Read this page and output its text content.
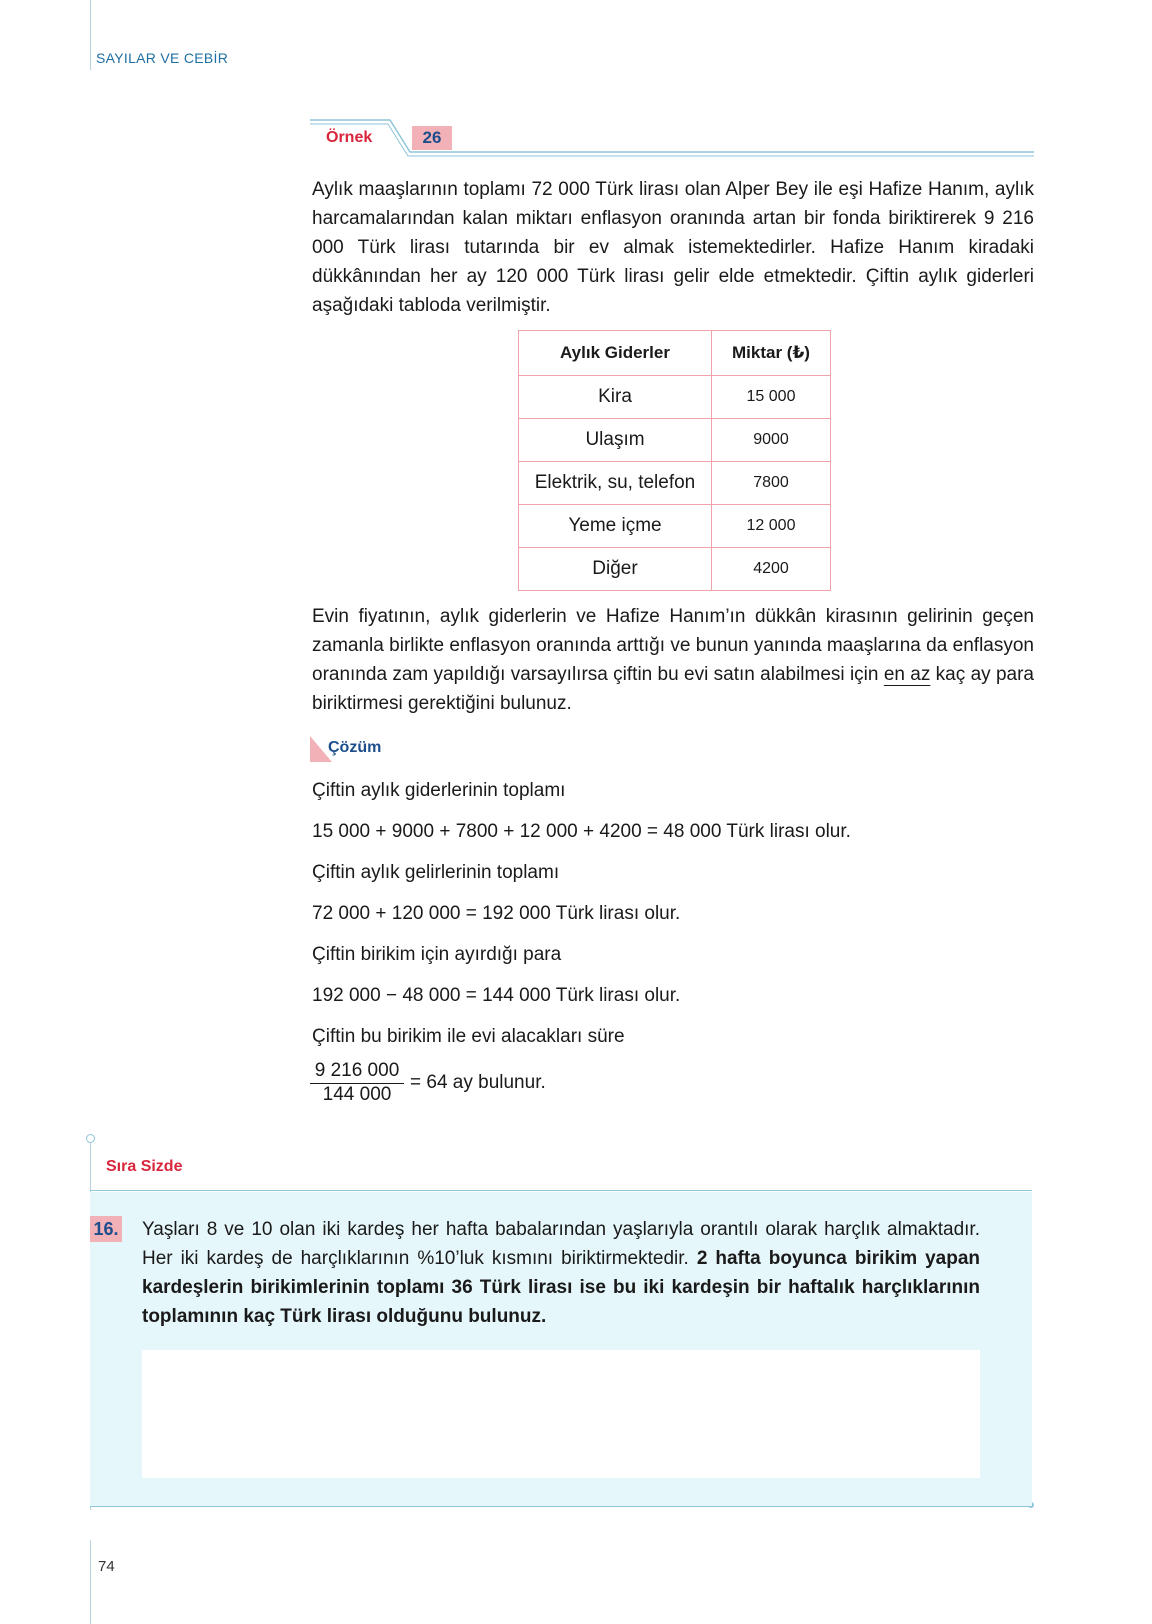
SAYILAR VE CEBİR
Örnek	26

Aylık maaşlarının toplamı 72 000 Türk lirası olan Alper Bey ile eşi Hafize Hanım, aylık harcamalarından kalan miktarı enflasyon oranında artan bir fonda biriktirerek 9 216 000 Türk lirası tutarında bir ev almak istemektedirler. Hafize Hanım kiradaki dükkânından her ay 120 000 Türk lirası gelir elde etmektedir. Çiftin aylık giderleri aşağıdaki tabloda verilmiştir.

Aylık Giderler	Miktar (₺)
Kira	15 000
Ulaşım	9000
Elektrik, su, telefon	7800
Yeme içme	12 000
Diğer	4200

Evin fiyatının, aylık giderlerin ve Hafize Hanım’ın dükkân kirasının gelirinin geçen zamanla birlikte enflasyon oranında arttığı ve bunun yanında maaşlarına da enflasyon oranında zam yapıldığı varsayılırsa çiftin bu evi satın alabilmesi için en az kaç ay para biriktirmesi gerektiğini bulunuz.

Çözüm
Çiftin aylık giderlerinin toplamı
15 000 + 9000 + 7800 + 12 000 + 4200 = 48 000 Türk lirası olur.
Çiftin aylık gelirlerinin toplamı
72 000 + 120 000 = 192 000 Türk lirası olur.
Çiftin birikim için ayırdığı para
192 000 − 48 000 = 144 000 Türk lirası olur.
Çiftin bu birikim ile evi alacakları süre
$\frac{9 216 000}{144 000} = 64$ ay bulunur.
Sıra Sizde
16. Yaşları 8 ve 10 olan iki kardeş her hafta babalarından yaşlarıyla orantılı olarak harçlık almaktadır. Her iki kardeş de harçlıklarının %10’luk kısmını biriktirmektedir. 2 hafta boyunca birikim yapan kardeşlerin birikimlerinin toplamı 36 Türk lirası ise bu iki kardeşin bir haftalık harçlıklarının toplamının kaç Türk lirası olduğunu bulunuz.
74
